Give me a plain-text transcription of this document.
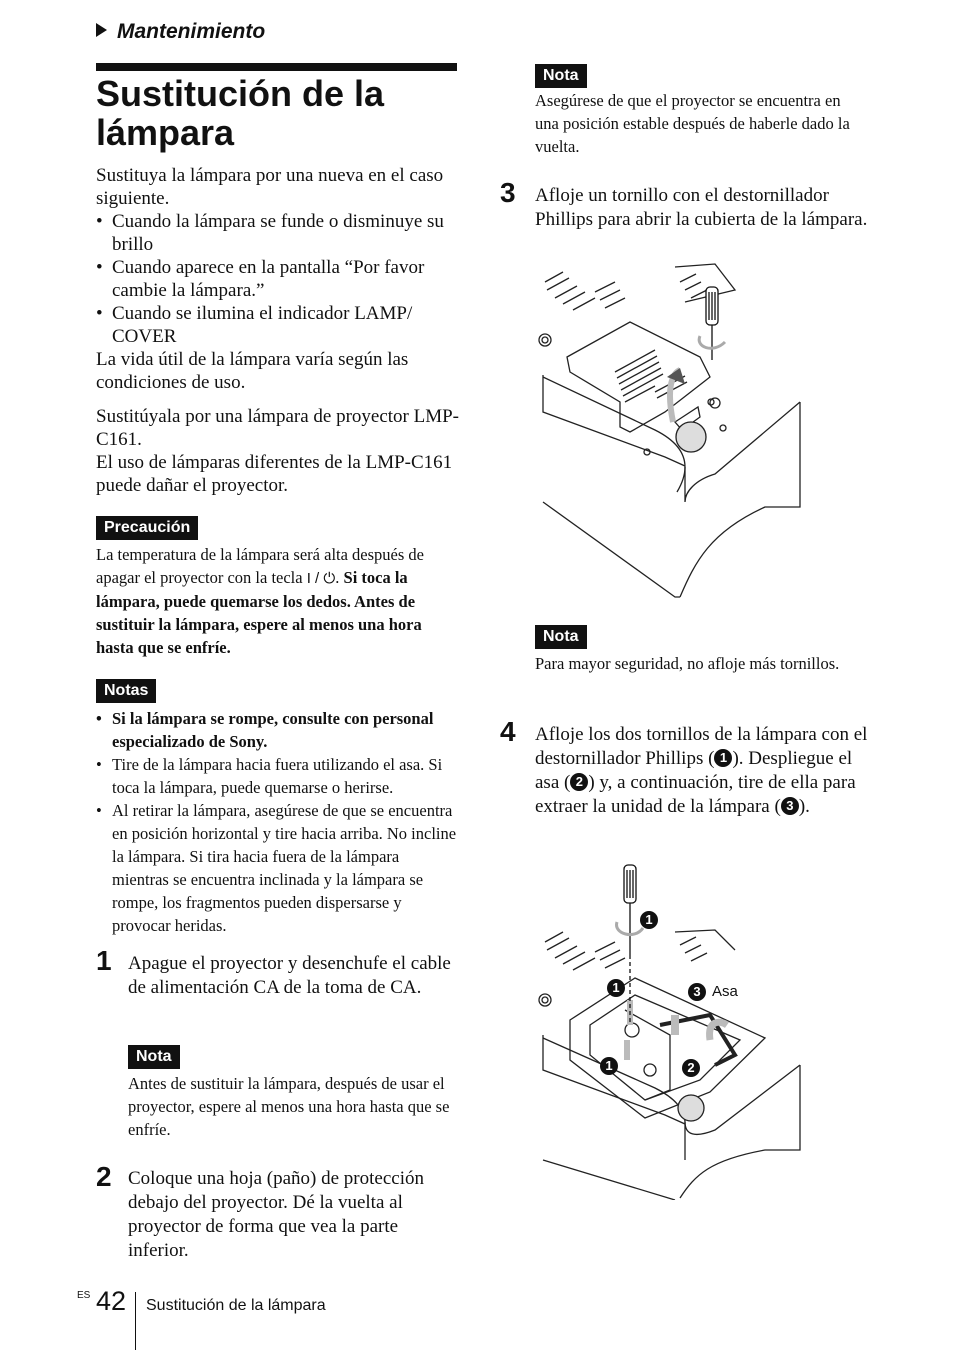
Mantenimiento
Sustitución de la lámpara

Sustituya la lámpara por una nueva en el caso siguiente.

• Cuando la lámpara se funde o disminuye su brillo
• Cuando aparece en la pantalla “Por favor cambie la lámpara.”
• Cuando se ilumina el indicador LAMP/ COVER

La vida útil de la lámpara varía según las condiciones de uso.

Sustitúyala por una lámpara de proyector LMP-C161.

El uso de lámparas diferentes de la LMP-C161 puede dañar el proyector.

Precaución
La temperatura de la lámpara será alta después de apagar el proyector con la tecla I / ⏻. Si toca la lámpara, puede quemarse los dedos. Antes de sustituir la lámpara, espere al menos una hora hasta que se enfríe.
Notas
• Si la lámpara se rompe, consulte con personal especializado de Sony.
• Tire de la lámpara hacia fuera utilizando el asa. Si toca la lámpara, puede quemarse o herirse.
• Al retirar la lámpara, asegúrese de que se encuentra en posición horizontal y tire hacia arriba. No incline la lámpara. Si tira hacia fuera de la lámpara mientras se encuentra inclinada y la lámpara se rompe, los fragmentos pueden dispersarse y provocar heridas.
1 Apague el proyector y desenchufe el cable de alimentación CA de la toma de CA.
Nota
Antes de sustituir la lámpara, después de usar el proyector, espere al menos una hora hasta que se enfríe.
2 Coloque una hoja (paño) de protección debajo del proyector. Dé la vuelta al proyector de forma que vea la parte inferior.
Nota
Asegúrese de que el proyector se encuentra en una posición estable después de haberle dado la vuelta.
3 Afloje un tornillo con el destornillador Phillips para abrir la cubierta de la lámpara.
Nota
Para mayor seguridad, no afloje más tornillos.
4 Afloje los dos tornillos de la lámpara con el destornillador Phillips ( 1 ). Despliegue el asa ( 2 ) y, a continuación, tire de ella para extraer la unidad de la lámpara ( 3 ).
1
1
1	2
3 Asa
ES 42 Sustitución de la lámpara
